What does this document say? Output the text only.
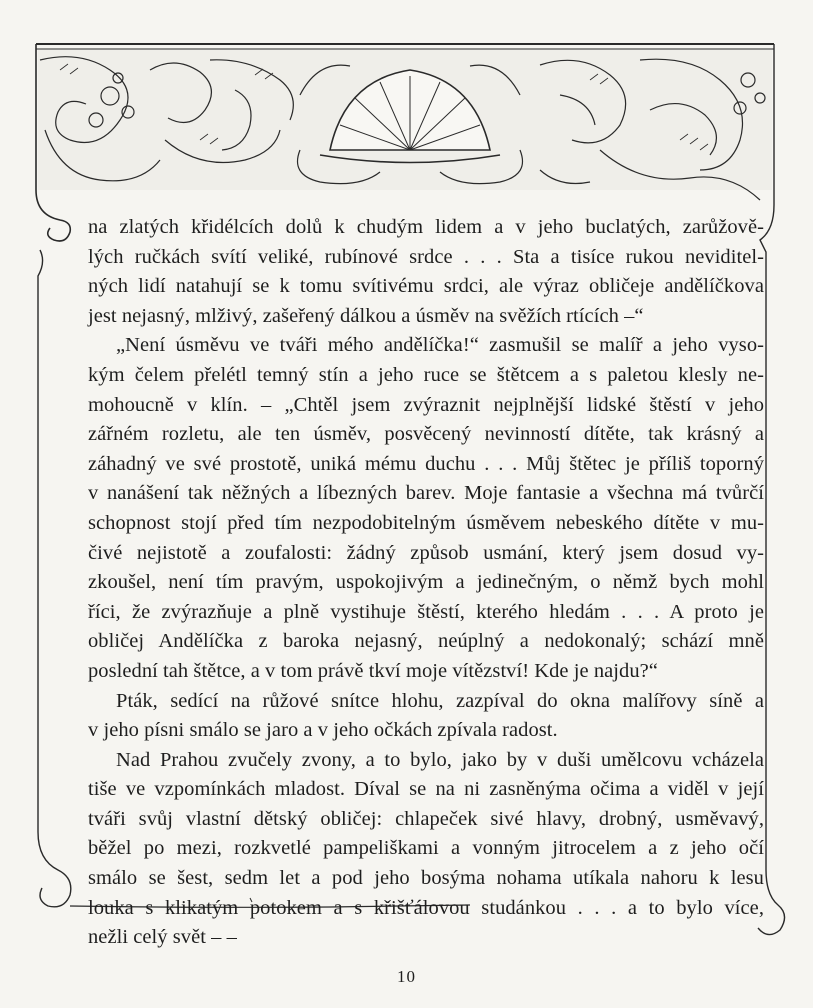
na zlatých křidélcích dolů k chudým lidem a v jeho buclatých, zarůžově-
lých ručkách svítí veliké, rubínové srdce . . . Sta a tisíce rukou neviditel-
ných lidí natahují se k tomu svítivému srdci, ale výraz obličeje andělíčkova
jest nejasný, mlživý, zašeřený dálkou a úsměv na svěžích rtících –“

„Není úsměvu ve tváři mého andělíčka!“ zasmušil se malíř a jeho vyso-
kým čelem přelétl temný stín a jeho ruce se štětcem a s paletou klesly ne-
mohoucně v klín. – „Chtěl jsem zvýraznit nejplnější lidské štěstí v jeho
zářném rozletu, ale ten úsměv, posvěcený nevinností dítěte, tak krásný a
záhadný ve své prostotě, uniká mému duchu . . . Můj štětec je příliš toporný
v nanášení tak něžných a líbezných barev. Moje fantasie a všechna má tvůrčí
schopnost stojí před tím nezpodobitelným úsměvem nebeského dítěte v mu-
čivé nejistotě a zoufalosti: žádný způsob usmání, který jsem dosud vy-
zkoušel, není tím pravým, uspokojivým a jedinečným, o němž bych mohl
říci, že zvýrazňuje a plně vystihuje štěstí, kterého hledám . . . A proto je
obličej Andělíčka z baroka nejasný, neúplný a nedokonalý; schází mně
poslední tah štětce, a v tom právě tkví moje vítězství! Kde je najdu?“

Pták, sedící na růžové snítce hlohu, zazpíval do okna malířovy síně a
v jeho písni smálo se jaro a v jeho očkách zpívala radost.

Nad Prahou zvučely zvony, a to bylo, jako by v duši umělcovu vcházela
tiše ve vzpomínkách mladost. Díval se na ni zasněnýma očima a viděl v její
tváři svůj vlastní dětský obličej: chlapeček sivé hlavy, drobný, usměvavý,
běžel po mezi, rozkvetlé pampeliškami a vonným jitrocelem a z jeho očí
smálo se šest, sedm let a pod jeho bosýma nohama utíkala nahoru k lesu
louka s klikatým potokem a s křišťálovou studánkou . . . a to bylo více,
nežli celý svět – –

10
